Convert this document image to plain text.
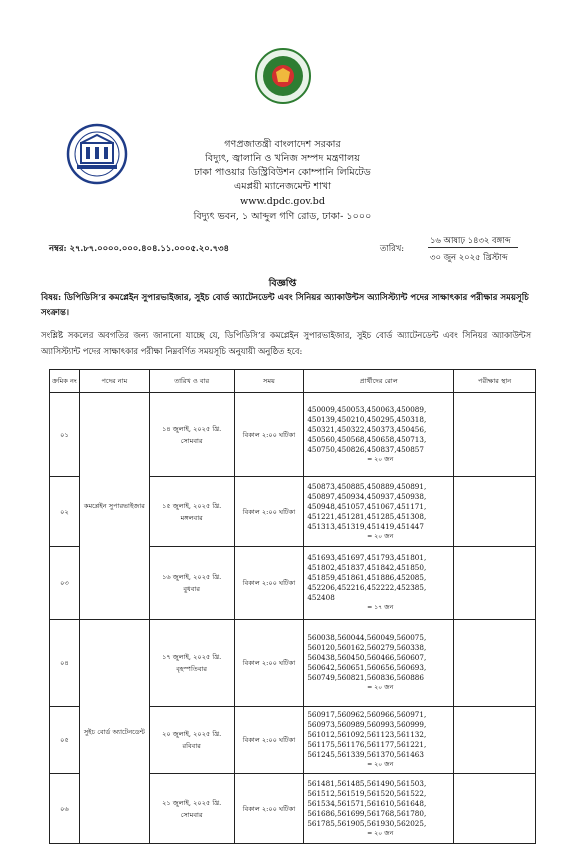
গণপ্রজাতন্ত্রী বাংলাদেশ সরকার
বিদ্যুৎ, জ্বালানি ও খনিজ সম্পদ মন্ত্রণালয়
ঢাকা পাওয়ার ডিস্ট্রিবিউশন কোম্পানি লিমিটেড
এমপ্লয়ী ম্যানেজমেন্ট শাখা
www.dpdc.gov.bd
বিদ্যুৎ ভবন, ১ আব্দুল গণি রোড, ঢাকা- ১০০০
নম্বর: ২৭.৮৭.০০০০.০০০.৪০৪.১১.০০০৫.২০.৭৩৪	তারিখ:
১৬ আষাঢ় ১৪৩২ বঙ্গাব্দ
৩০ জুন ২০২৫ খ্রিস্টাব্দ
বিজ্ঞপ্তি
বিষয়: ডিপিডিসি’র কমপ্লেইন সুপারভাইজার, সুইচ বোর্ড অ্যাটেনডেন্ট এবং সিনিয়র অ্যাকাউন্টস অ্যাসিস্ট্যান্ট পদের সাক্ষাৎকার পরীক্ষার সময়সূচি সংক্রান্ত।
সংশ্লিষ্ট সকলের অবগতির জন্য জানানো যাচ্ছে যে, ডিপিডিসি’র কমপ্লেইন সুপারভাইজার, সুইচ বোর্ড অ্যাটেনডেন্ট এবং সিনিয়র অ্যাকাউন্টস অ্যাসিস্ট্যান্ট পদের সাক্ষাৎকার পরীক্ষা নিম্নবর্ণিত সময়সূচি অনুযায়ী অনুষ্ঠিত হবে:
ক্রমিক নং	পদের নাম	তারিখ ও বার	সময়	প্রার্থীদের রোল	পরীক্ষার স্থান
০১	কমপ্লেইন সুপারভাইজার	১৪ জুলাই, ২০২৫ খ্রি.
সোমবার	বিকাল ২:০০ ঘটিকা	450009,450053,450063,450089, 450139,450210,450295,450318, 450321,450322,450373,450456, 450560,450568,450658,450713, 450750,450826,450837,450857
= ২০ জন	

০২		১৫ জুলাই, ২০২৫ খ্রি.
মঙ্গলবার	বিকাল ২:০০ ঘটিকা	450873,450885,450889,450891, 450897,450934,450937,450938, 450948,451057,451067,451171, 451221,451281,451285,451308, 451313,451319,451419,451447
= ২০ জন	

০৩		১৬ জুলাই, ২০২৫ খ্রি.
বুধবার	বিকাল ২:০০ ঘটিকা	451693,451697,451793,451801, 451802,451837,451842,451850, 451859,451861,451886,452085, 452206,452216,452222,452385, 452408
= ১৭ জন	

০৪	সুইচ বোর্ড অ্যাটেনডেন্ট	১৭ জুলাই, ২০২৫ খ্রি.
বৃহস্পতিবার	বিকাল ২:০০ ঘটিকা	560038,560044,560049,560075, 560120,560162,560279,560338, 560438,560450,560466,560607, 560642,560651,560656,560693, 560749,560821,560836,560886
= ২০ জন	

০৫		২০ জুলাই, ২০২৫ খ্রি.
রবিবার	বিকাল ২:০০ ঘটিকা	560917,560962,560966,560971, 560973,560989,560993,560999, 561012,561092,561123,561132, 561175,561176,561177,561221, 561245,561339,561370,561463
= ২০ জন	

০৬		২১ জুলাই, ২০২৫ খ্রি.
সোমবার	বিকাল ২:০০ ঘটিকা	561481,561485,561490,561503, 561512,561519,561520,561522, 561534,561571,561610,561648, 561686,561699,561768,561780, 561785,561905,561930,562025,
= ২০ জন	
